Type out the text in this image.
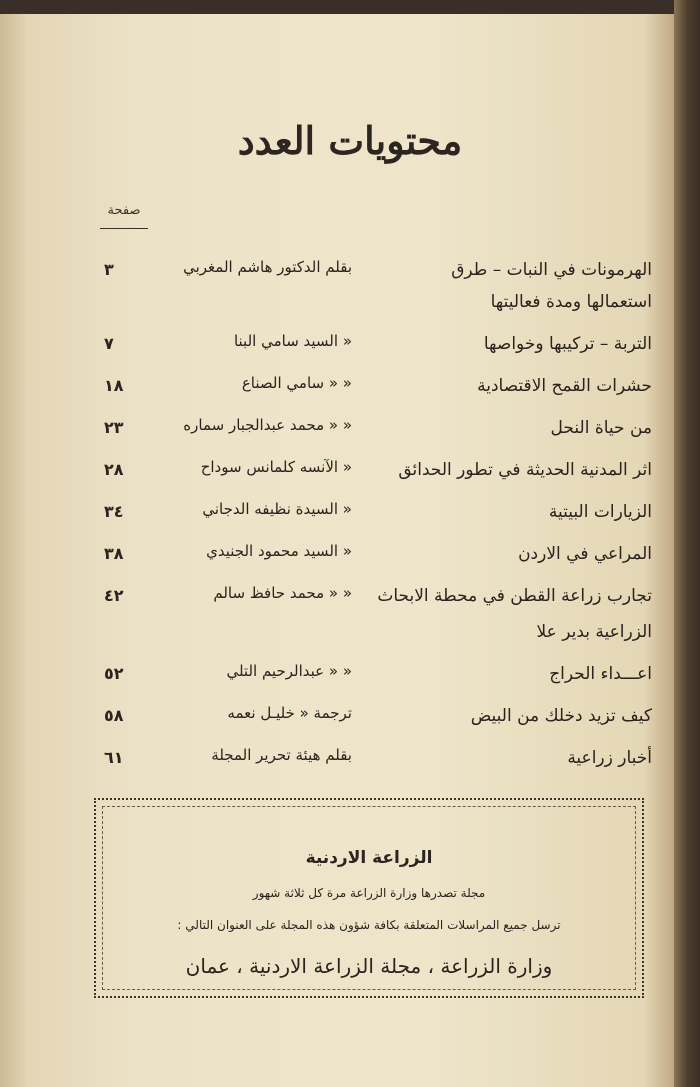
محتويات العدد
صفحة
الهرمونات في النبات – طرق
بقلم الدكتور هاشم المغربي
٣
استعمالها ومدة فعاليتها
التربة – تركيبها وخواصها
« السيد سامي البنا
٧
حشرات القمح الاقتصادية
« « سامي الصناع
١٨
من حياة النحل
« « محمد عبدالجبار سماره
٢٣
اثر المدنية الحديثة في تطور الحدائق
« الآنسه كلمانس سوداح
٢٨
الزيارات البيتية
« السيدة نظيفه الدجاني
٣٤
المراعي في الاردن
« السيد محمود الجنيدي
٣٨
تجارب زراعة القطن في محطة الابحاث
« « محمد حافظ سالم
٤٢
الزراعية بدير علا
اعـــداء الحراج
« « عبدالرحيم التلي
٥٢
كيف تزيد دخلك من البيض
ترجمة « خليـل نعمه
٥٨
أخبار زراعية
بقلم هيئة تحرير المجلة
٦١
الزراعة الاردنية
مجلة تصدرها وزارة الزراعة مرة كل ثلاثة شهور
ترسل جميع المراسلات المتعلقة بكافة شؤون هذه المجلة على العنوان التالي :
وزارة الزراعة ، مجلة الزراعة الاردنية ، عمان
